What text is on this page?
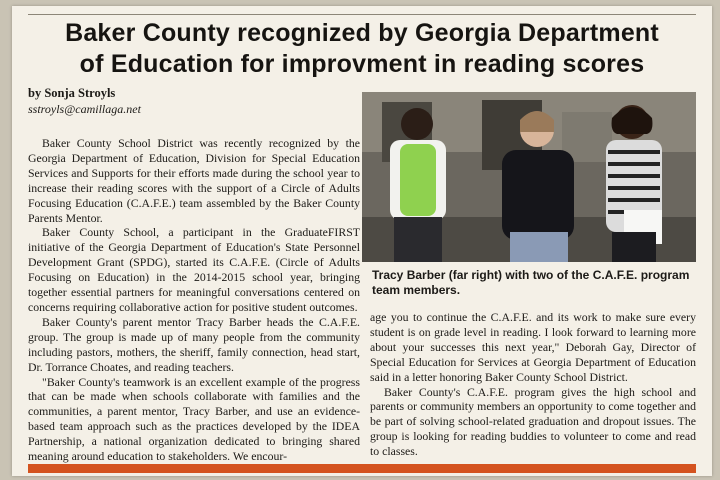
Baker County recognized by Georgia Department
of Education for improvment in reading scores
by Sonja Stroyls
sstroyls@camillaga.net

Baker County School District was recently recognized by the Georgia Department of Education, Division for Special Education Services and Supports for their efforts made during the school year to increase their reading scores with the support of a Circle of Adults Focusing Education (C.A.F.E.) team assembled by the Baker County Parents Mentor.

Baker County School, a participant in the GraduateFIRST initiative of the Georgia Department of Education's State Personnel Development Grant (SPDG), started its C.A.F.E. (Circle of Adults Focusing on Education) in the 2014-2015 school year, bringing together essential partners for meaningful conversations centered on concerns requiring collaborative action for positive student outcomes.

Baker County's parent mentor Tracy Barber heads the C.A.F.E. group. The group is made up of many people from the community including pastors, mothers, the sheriff, family connection, head start, Dr. Torrance Choates, and reading teachers.

"Baker County's teamwork is an excellent example of the progress that can be made when schools collaborate with families and the communities, a parent mentor, Tracy Barber, and use an evidence-based team approach such as the practices developed by the IDEA Partnership, a national organization dedicated to bringing shared meaning around education to stakeholders. We encour-

Tracy Barber (far right) with two of the C.A.F.E. program team members.

age you to continue the C.A.F.E. and its work to make sure every student is on grade level in reading. I look forward to learning more about your successes this next year," Deborah Gay, Director of Special Education for Services at Georgia Department of Education said in a letter honoring Baker County School District.

Baker County's C.A.F.E. program gives the high school and parents or community members an opportunity to come together and be part of solving school-related graduation and dropout issues. The group is looking for reading buddies to volunteer to come and read to classes.
